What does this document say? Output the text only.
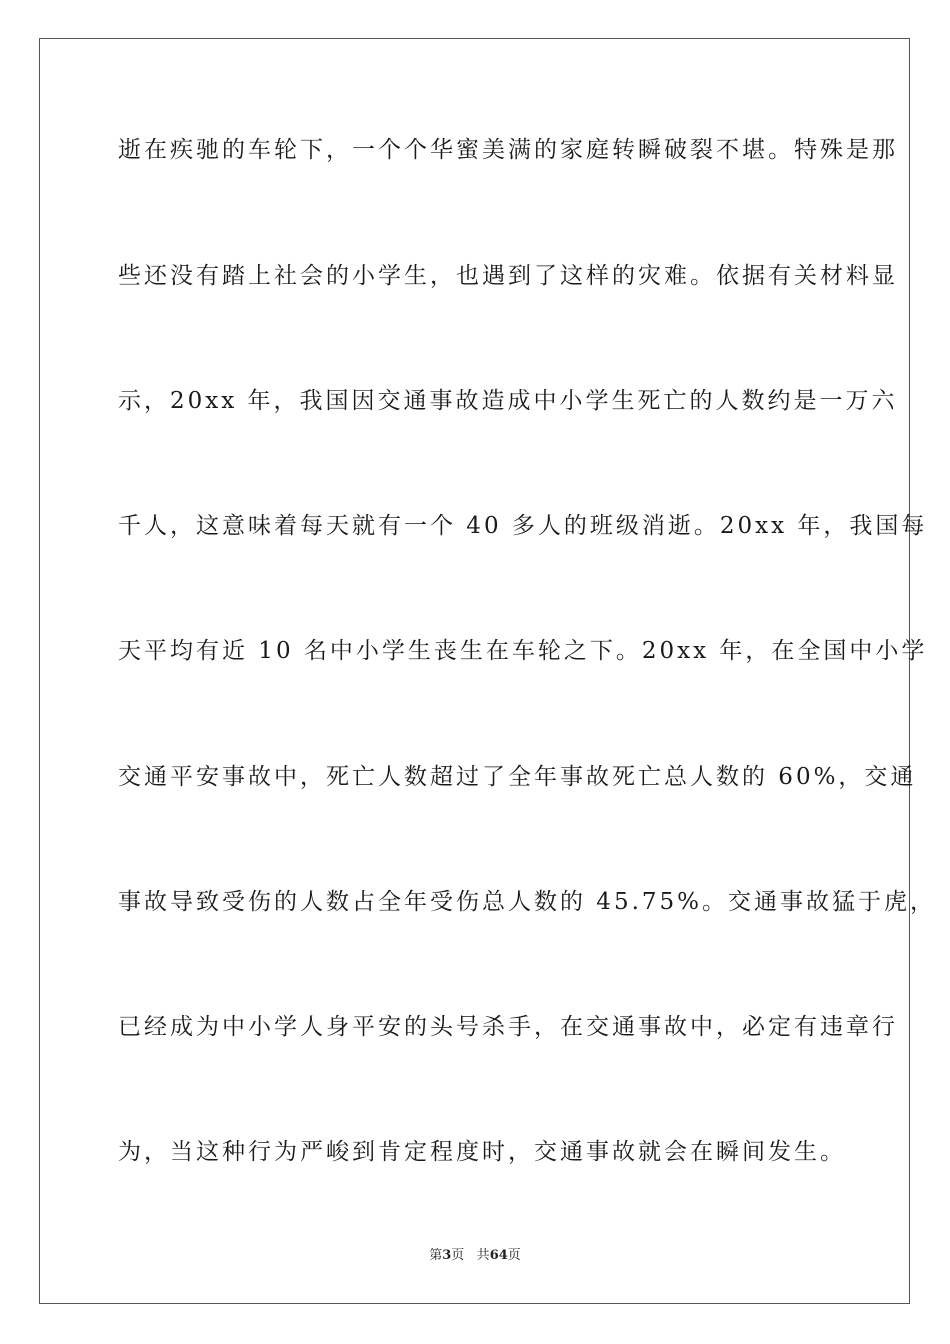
逝在疾驰的车轮下，一个个华蜜美满的家庭转瞬破裂不堪。特殊是那
些还没有踏上社会的小学生，也遇到了这样的灾难。依据有关材料显
示，20xx 年，我国因交通事故造成中小学生死亡的人数约是一万六
千人，这意味着每天就有一个 40 多人的班级消逝。20xx 年，我国每
天平均有近 10 名中小学生丧生在车轮之下。20xx 年，在全国中小学
交通平安事故中，死亡人数超过了全年事故死亡总人数的 60%，交通
事故导致受伤的人数占全年受伤总人数的 45.75%。交通事故猛于虎，
已经成为中小学人身平安的头号杀手，在交通事故中，必定有违章行
为，当这种行为严峻到肯定程度时，交通事故就会在瞬间发生。
第3页 共64页
